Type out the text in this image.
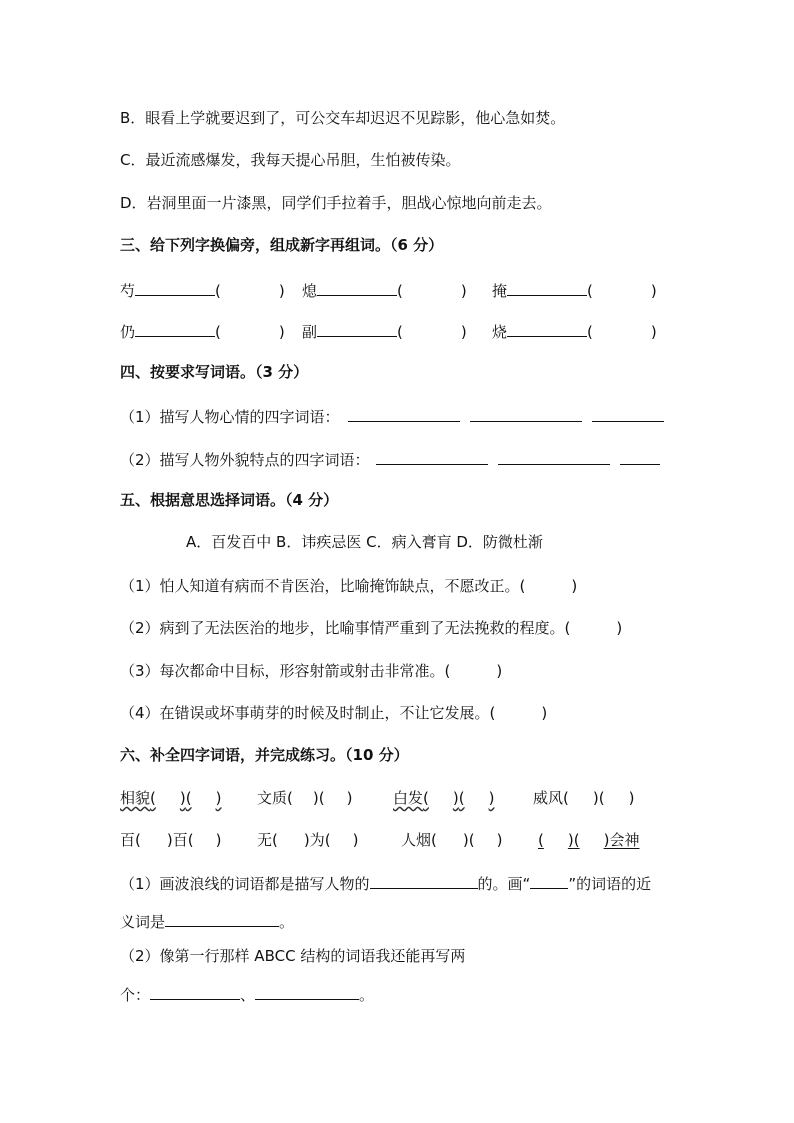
B．眼看上学就要迟到了，可公交车却迟迟不见踪影，他心急如焚。
C．最近流感爆发，我每天提心吊胆，生怕被传染。
D．岩洞里面一片漆黑，同学们手拉着手，胆战心惊地向前走去。
三、给下列字换偏旁，组成新字再组词。（6 分）
芍	(	) 熄	(	) 掩	(	)
仍	(	) 副	(	) 烧	(	)
四、按要求写词语。（3 分）
（1）描写人物心情的四字词语：
（2）描写人物外貌特点的四字词语：
五、根据意思选择词语。（4 分）
A．百发百中 B．讳疾忌医 C．病入膏肓 D．防微杜渐
（1）怕人知道有病而不肯医治，比喻掩饰缺点，不愿改正。(	)
（2）病到了无法医治的地步，比喻事情严重到了无法挽救的程度。(	)
（3）每次都命中目标，形容射箭或射击非常准。(	)
（4）在错误或坏事萌芽的时候及时制止，不让它发展。(	)
六、补全四字词语，并完成练习。（10 分）
相貌( )( ) 文质( )( )	白发( )( )	威风( )( )
百( )百( ) 无( )为( )	人烟( )( ) ( )( )会神
（1）画波浪线的词语都是描写人物的	的。画“	”的词语的近
义词是	。
（2）像第一行那样 ABCC 结构的词语我还能再写两
个：	、	。
